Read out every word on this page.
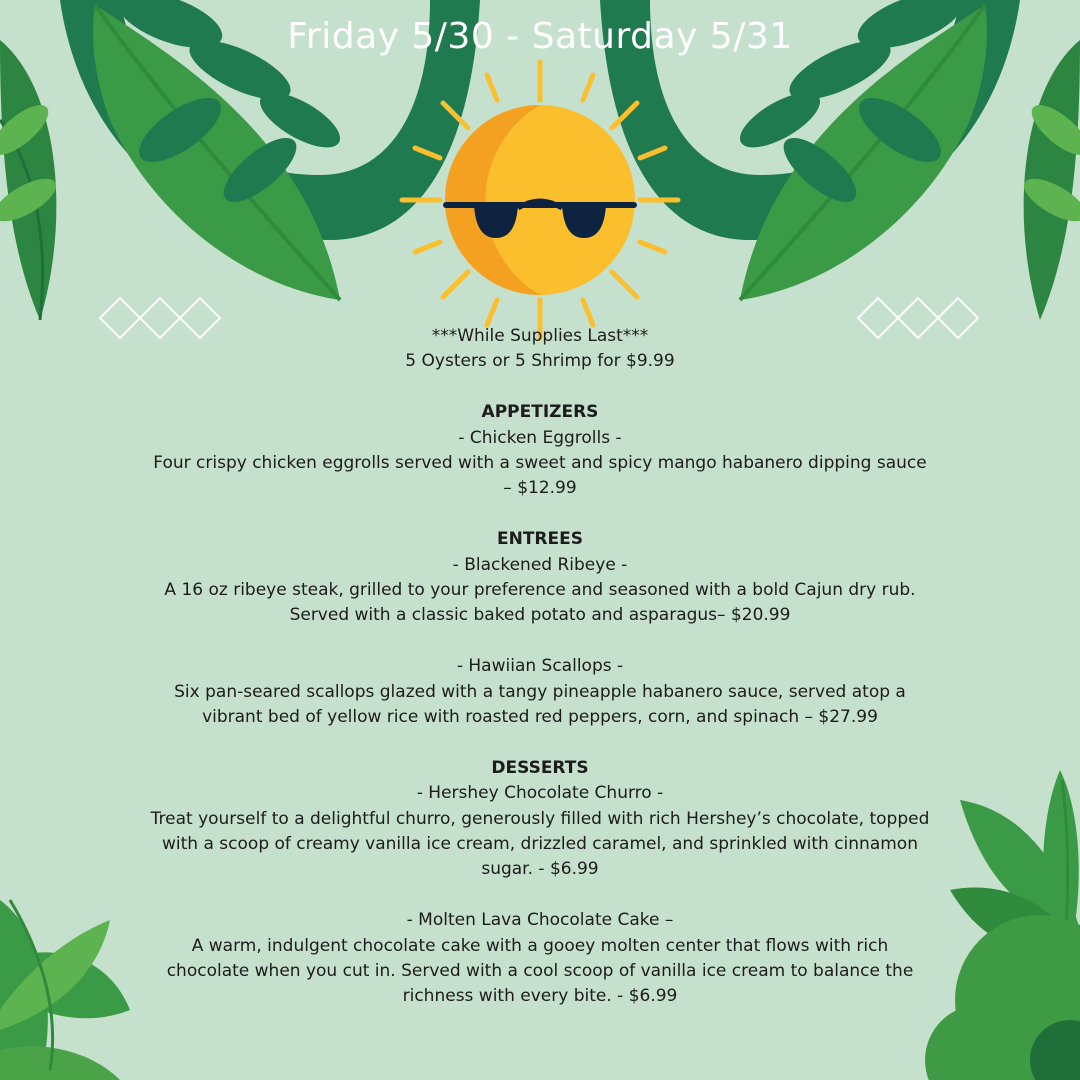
Friday 5/30 - Saturday 5/31
***While Supplies Last***
5 Oysters or 5 Shrimp for $9.99
APPETIZERS
- Chicken Eggrolls -
Four crispy chicken eggrolls served with a sweet and spicy mango habanero dipping sauce
– $12.99
ENTREES
- Blackened Ribeye -
A 16 oz ribeye steak, grilled to your preference and seasoned with a bold Cajun dry rub.
Served with a classic baked potato and asparagus– $20.99
- Hawiian Scallops -
Six pan-seared scallops glazed with a tangy pineapple habanero sauce, served atop a
vibrant bed of yellow rice with roasted red peppers, corn, and spinach – $27.99
DESSERTS
- Hershey Chocolate Churro -
Treat yourself to a delightful churro, generously filled with rich Hershey’s chocolate, topped
with a scoop of creamy vanilla ice cream, drizzled caramel, and sprinkled with cinnamon
sugar. - $6.99
- Molten Lava Chocolate Cake –
A warm, indulgent chocolate cake with a gooey molten center that flows with rich
chocolate when you cut in. Served with a cool scoop of vanilla ice cream to balance the
richness with every bite. - $6.99
